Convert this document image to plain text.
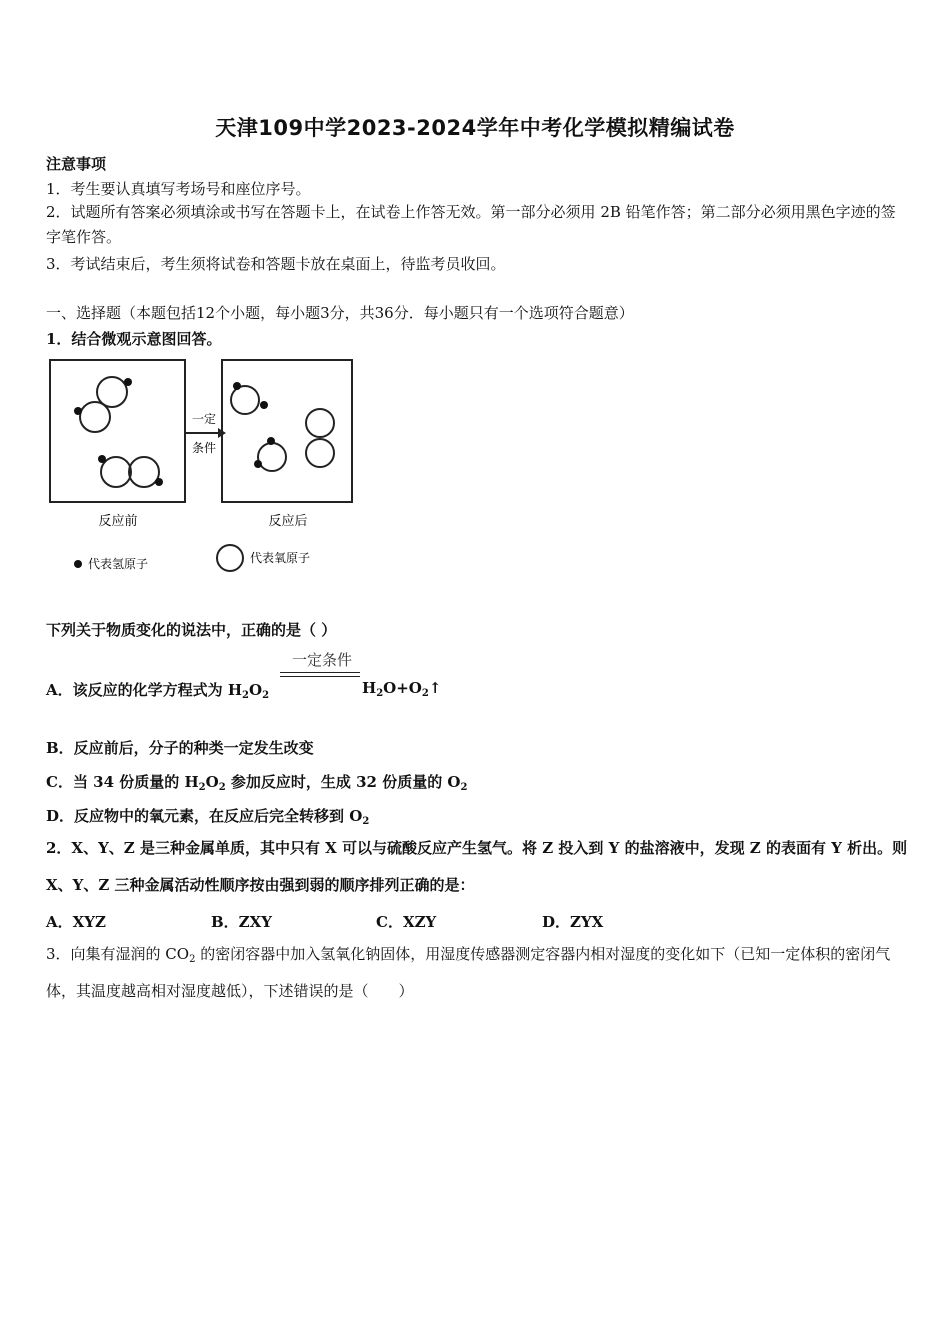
天津109中学2023-2024学年中考化学模拟精编试卷
注意事项
1．考生要认真填写考场号和座位序号。
2．试题所有答案必须填涂或书写在答题卡上，在试卷上作答无效。第一部分必须用 2B 铅笔作答；第二部分必须用黑色字迹的签字笔作答。
3．考试结束后，考生须将试卷和答题卡放在桌面上，待监考员收回。
一、选择题（本题包括12个小题，每小题3分，共36分．每小题只有一个选项符合题意）
1．结合微观示意图回答。
一定
条件
反应前	反应后
代表氢原子	代表氧原子
下列关于物质变化的说法中，正确的是（ ）
一定条件
A．该反应的化学方程式为 $H_2O_2$	$H_2O+O_2↑$
B．反应前后，分子的种类一定发生改变
C．当 34 份质量的 $H_2O_2$ 参加反应时，生成 32 份质量的 $O_2$
D．反应物中的氧元素，在反应后完全转移到 $O_2$
2．X、Y、Z 是三种金属单质，其中只有 X 可以与硫酸反应产生氢气。将 Z 投入到 Y 的盐溶液中，发现 Z 的表面有 Y 析出。则 X、Y、Z 三种金属活动性顺序按由强到弱的顺序排列正确的是：
A．XYZ	B．ZXY	C．XZY	D．ZYX
3．向集有湿润的 $CO_2$ 的密闭容器中加入氢氧化钠固体，用湿度传感器测定容器内相对湿度的变化如下（已知一定体积的密闭气体，其温度越高相对湿度越低），下述错误的是（　　）
